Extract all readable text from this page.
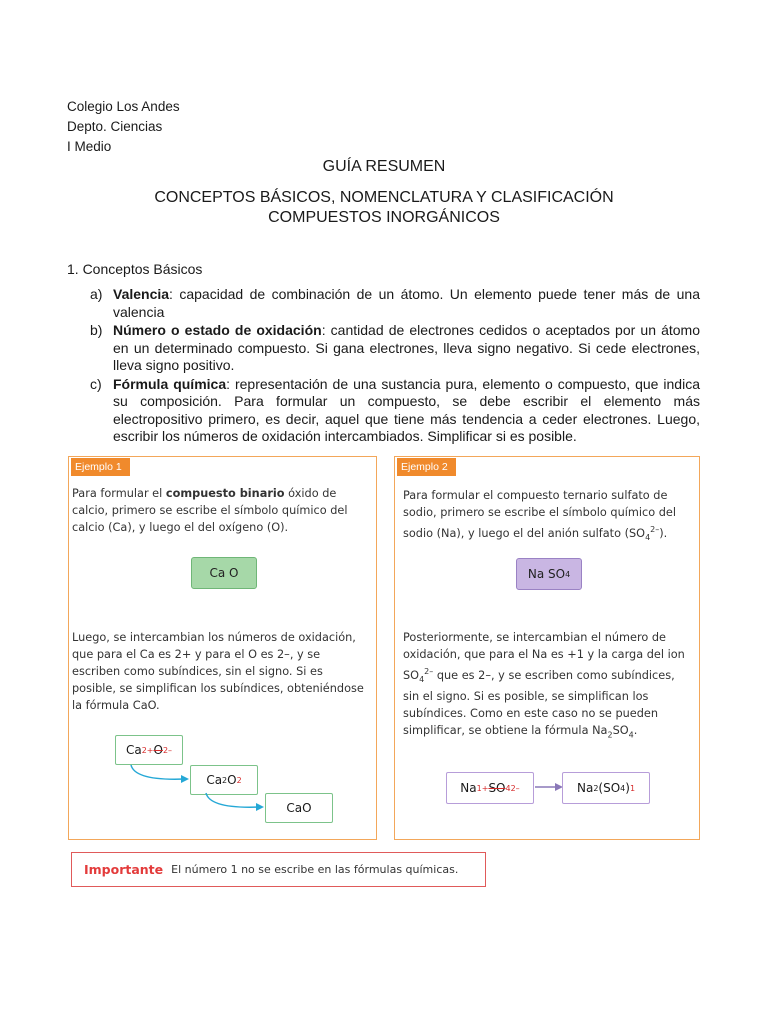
Colegio Los Andes
Depto. Ciencias
I Medio
GUÍA RESUMEN
CONCEPTOS BÁSICOS, NOMENCLATURA Y CLASIFICACIÓN
COMPUESTOS INORGÁNICOS
1. Conceptos Básicos
a) Valencia: capacidad de combinación de un átomo. Un elemento puede tener más de una valencia
b) Número o estado de oxidación: cantidad de electrones cedidos o aceptados por un átomo en un determinado compuesto. Si gana electrones, lleva signo negativo. Si cede electrones, lleva signo positivo.
c) Fórmula química: representación de una sustancia pura, elemento o compuesto, que indica su composición. Para formular un compuesto, se debe escribir el elemento más electropositivo primero, es decir, aquel que tiene más tendencia a ceder electrones. Luego, escribir los números de oxidación intercambiados. Simplificar si es posible.
Ejemplo 1
Para formular el compuesto binario óxido de calcio, primero se escribe el símbolo químico del calcio (Ca), y luego el del oxígeno (O).
Ca O
Luego, se intercambian los números de oxidación, que para el Ca es 2+ y para el O es 2–, y se escriben como subíndices, sin el signo. Si es posible, se simplifican los subíndices, obteniéndose la fórmula CaO.
Ca 2+ O 2–
Ca 2 O 2
CaO
Ejemplo 2
Para formular el compuesto ternario sulfato de sodio, primero se escribe el símbolo químico del sodio (Na), y luego el del anión sulfato $(SO_4^{2-})$.
Na SO 4
Posteriormente, se intercambian el número de oxidación, que para el Na es +1 y la carga del ion $SO_4^{2-}$ que es 2–, y se escriben como subíndices, sin el signo. Si es posible, se simplifican los subíndices. Como en este caso no se pueden simplificar, se obtiene la fórmula $Na_2SO_4$.
Na 1+ SO 4 2–	Na 2 (SO 4 ) 1
Importante El número 1 no se escribe en las fórmulas químicas.
